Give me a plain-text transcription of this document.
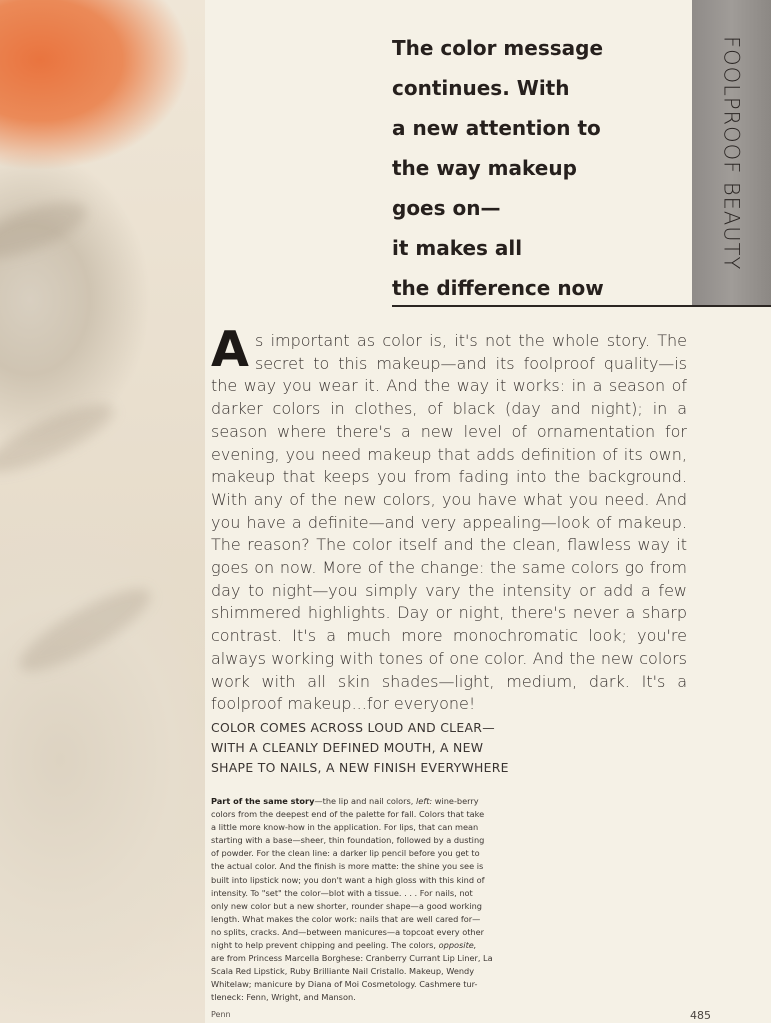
FOOLPROOF BEAUTY
The color message
continues. With
a new attention to
the way makeup
goes on—
it makes all
the difference now
As important as color is, it's not the whole story. The secret to this makeup—and its foolproof quality—is the way you wear it. And the way it works: in a season of darker colors in clothes, of black (day and night); in a season where there's a new level of ornamentation for evening, you need makeup that adds definition of its own, makeup that keeps you from fading into the background. With any of the new colors, you have what you need. And you have a definite—and very appealing—look of makeup. The reason? The color itself and the clean, flawless way it goes on now. More of the change: the same colors go from day to night—you simply vary the intensity or add a few shimmered highlights. Day or night, there's never a sharp contrast. It's a much more monochromatic look; you're always working with tones of one color. And the new colors work with all skin shades—light, medium, dark. It's a foolproof makeup...for everyone!
COLOR COMES ACROSS LOUD AND CLEAR—
WITH A CLEANLY DEFINED MOUTH, A NEW
SHAPE TO NAILS, A NEW FINISH EVERYWHERE
Part of the same story—the lip and nail colors, left: wine-berry
colors from the deepest end of the palette for fall. Colors that take
a little more know-how in the application. For lips, that can mean
starting with a base—sheer, thin foundation, followed by a dusting
of powder. For the clean line: a darker lip pencil before you get to
the actual color. And the finish is more matte: the shine you see is
built into lipstick now; you don't want a high gloss with this kind of
intensity. To "set" the color—blot with a tissue. . . . For nails, not
only new color but a new shorter, rounder shape—a good working
length. What makes the color work: nails that are well cared for—
no splits, cracks. And—between manicures—a topcoat every other
night to help prevent chipping and peeling. The colors, opposite,
are from Princess Marcella Borghese: Cranberry Currant Lip Liner, La
Scala Red Lipstick, Ruby Brilliante Nail Cristallo. Makeup, Wendy
Whitelaw; manicure by Diana of Moi Cosmetology. Cashmere tur-
tleneck: Fenn, Wright, and Manson.
Penn	485
